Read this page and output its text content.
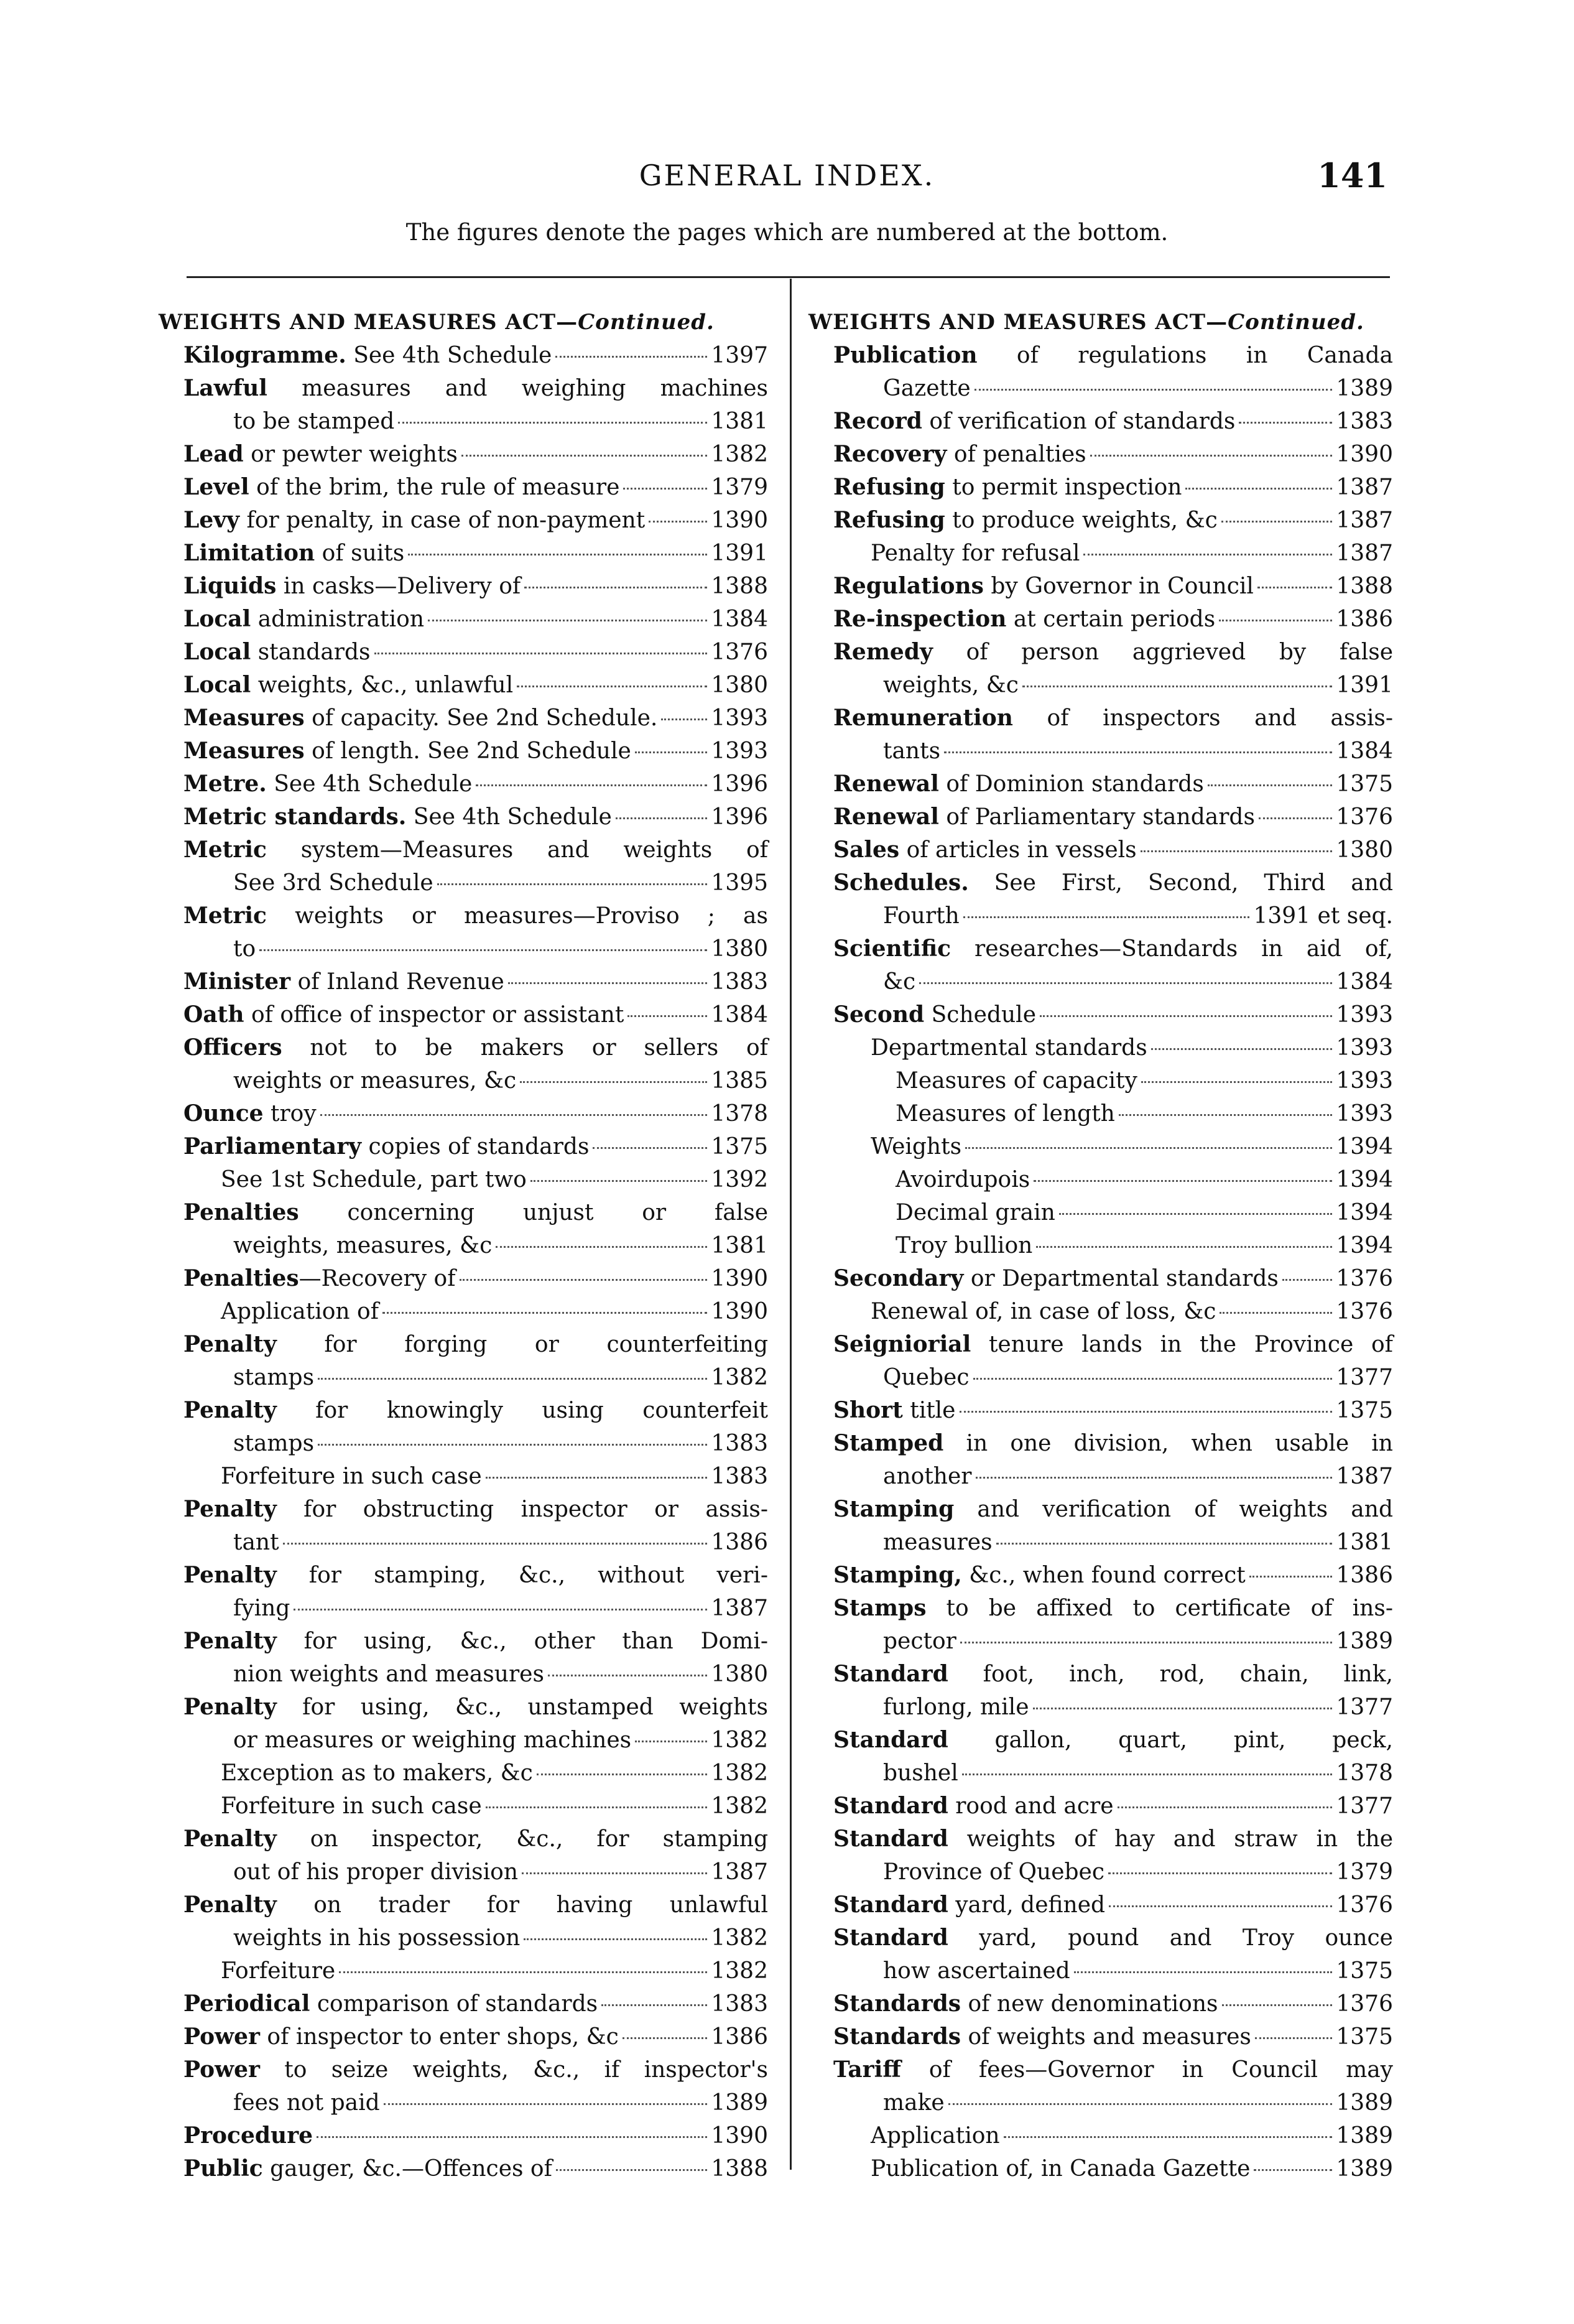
GENERAL INDEX.	141
The figures denote the pages which are numbered at the bottom.
WEIGHTS AND MEASURES ACT—Continued.
Kilogramme. See 4th Schedule	1397
Lawful measures and weighing machines
to be stamped	1381
Lead or pewter weights	1382
Level of the brim, the rule of measure	1379
Levy for penalty, in case of non-payment	1390
Limitation of suits	1391
Liquids in casks—Delivery of	1388
Local administration	1384
Local standards	1376
Local weights, &c., unlawful	1380
Measures of capacity. See 2nd Schedule. 1393
Measures of length. See 2nd Schedule	1393
Metre. See 4th Schedule	1396
Metric standards. See 4th Schedule	1396
Metric system—Measures and weights of
See 3rd Schedule	1395
Metric weights or measures—Proviso ; as
to	1380
Minister of Inland Revenue	1383
Oath of office of inspector or assistant	1384
Officers not to be makers or sellers of
weights or measures, &c	1385
Ounce troy	1378
Parliamentary copies of standards	1375
See 1st Schedule, part two	1392
Penalties concerning unjust or false
weights, measures, &c	1381
Penalties—Recovery of	1390
Application of	1390
Penalty for forging or counterfeiting
stamps	1382
Penalty for knowingly using counterfeit
stamps	1383
Forfeiture in such case	1383
Penalty for obstructing inspector or assis-
tant	1386
Penalty for stamping, &c., without veri-
fying	1387
Penalty for using, &c., other than Domi-
nion weights and measures	1380
Penalty for using, &c., unstamped weights
or measures or weighing machines	1382
Exception as to makers, &c	1382
Forfeiture in such case	1382
Penalty on inspector, &c., for stamping
out of his proper division	1387
Penalty on trader for having unlawful
weights in his possession	1382
Forfeiture	1382
Periodical comparison of standards	1383
Power of inspector to enter shops, &c	1386
Power to seize weights, &c., if inspector's
fees not paid	1389
Procedure	1390
Public gauger, &c.—Offences of	1388
WEIGHTS AND MEASURES ACT—Continued.
Publication of regulations in Canada
Gazette	1389
Record of verification of standards	1383
Recovery of penalties	1390
Refusing to permit inspection	1387
Refusing to produce weights, &c	1387
Penalty for refusal	1387
Regulations by Governor in Council	1388
Re-inspection at certain periods	1386
Remedy of person aggrieved by false
weights, &c	1391
Remuneration of inspectors and assis-
tants	1384
Renewal of Dominion standards	1375
Renewal of Parliamentary standards	1376
Sales of articles in vessels	1380
Schedules. See First, Second, Third and
Fourth	1391 et seq.
Scientific researches—Standards in aid of,
&c	1384
Second Schedule	1393
Departmental standards	1393
Measures of capacity	1393
Measures of length	1393
Weights	1394
Avoirdupois	1394
Decimal grain	1394
Troy bullion	1394
Secondary or Departmental standards	1376
Renewal of, in case of loss, &c	1376
Seigniorial tenure lands in the Province of
Quebec	1377
Short title	1375
Stamped in one division, when usable in
another	1387
Stamping and verification of weights and
measures	1381
Stamping, &c., when found correct	1386
Stamps to be affixed to certificate of ins-
pector	1389
Standard foot, inch, rod, chain, link,
furlong, mile	1377
Standard gallon, quart, pint, peck,
bushel	1378
Standard rood and acre	1377
Standard weights of hay and straw in the
Province of Quebec	1379
Standard yard, defined	1376
Standard yard, pound and Troy ounce
how ascertained	1375
Standards of new denominations	1376
Standards of weights and measures	1375
Tariff of fees—Governor in Council may
make	1389
Application	1389
Publication of, in Canada Gazette	1389
